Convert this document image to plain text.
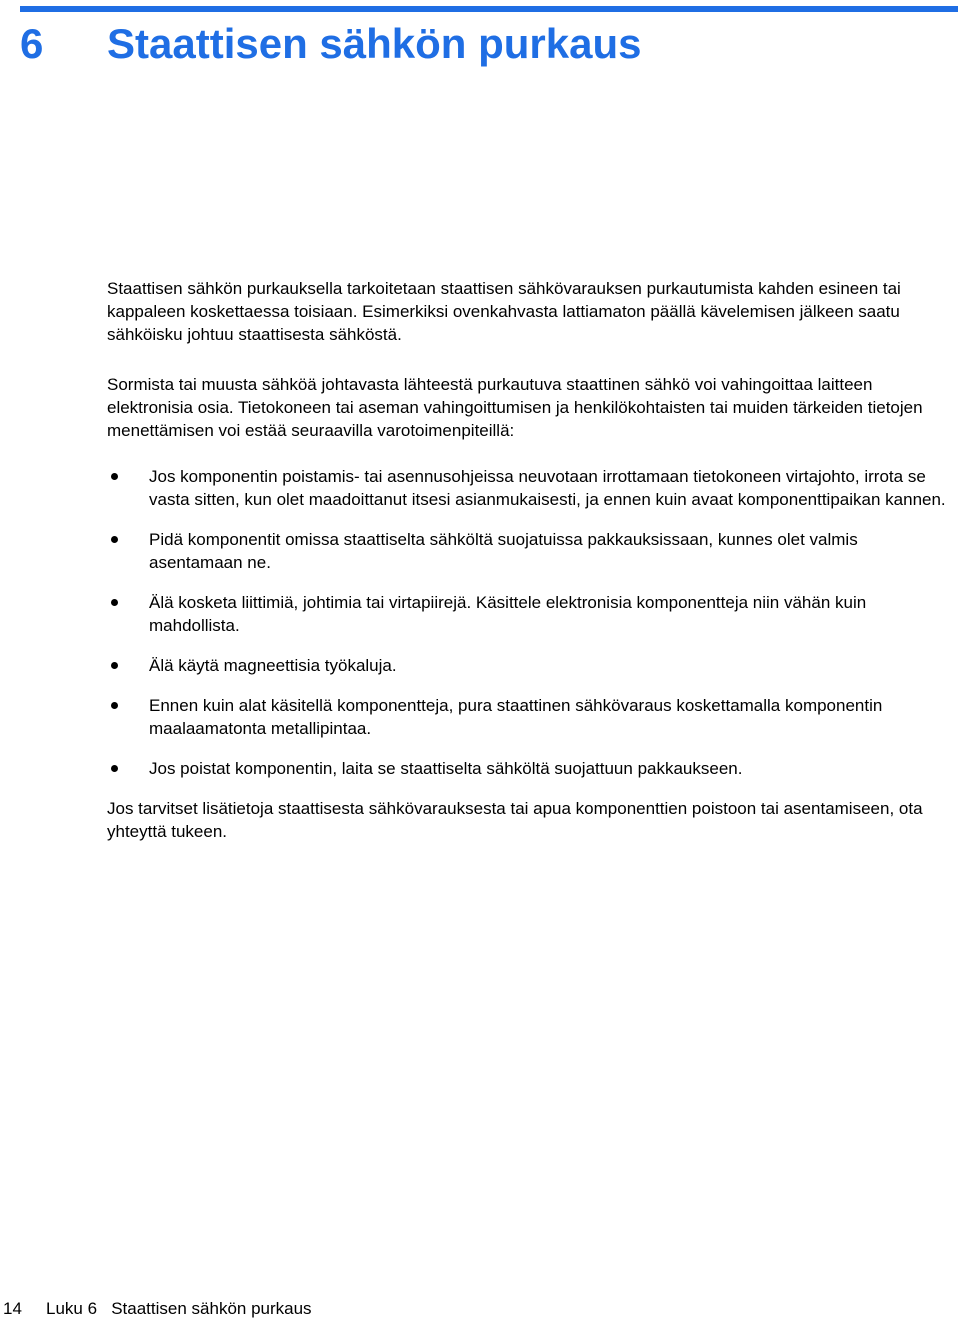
6 Staattisen sähkön purkaus

Staattisen sähkön purkauksella tarkoitetaan staattisen sähkövarauksen purkautumista kahden esineen tai kappaleen koskettaessa toisiaan. Esimerkiksi ovenkahvasta lattiamaton päällä kävelemisen jälkeen saatu sähköisku johtuu staattisesta sähköstä.

Sormista tai muusta sähköä johtavasta lähteestä purkautuva staattinen sähkö voi vahingoittaa laitteen elektronisia osia. Tietokoneen tai aseman vahingoittumisen ja henkilökohtaisten tai muiden tärkeiden tietojen menettämisen voi estää seuraavilla varotoimenpiteillä:

Jos komponentin poistamis- tai asennusohjeissa neuvotaan irrottamaan tietokoneen virtajohto, irrota se vasta sitten, kun olet maadoittanut itsesi asianmukaisesti, ja ennen kuin avaat komponenttipaikan kannen.
Pidä komponentit omissa staattiselta sähköltä suojatuissa pakkauksissaan, kunnes olet valmis asentamaan ne.
Älä kosketa liittimiä, johtimia tai virtapiirejä. Käsittele elektronisia komponentteja niin vähän kuin mahdollista.
Älä käytä magneettisia työkaluja.
Ennen kuin alat käsitellä komponentteja, pura staattinen sähkövaraus koskettamalla komponentin maalaamatonta metallipintaa.
Jos poistat komponentin, laita se staattiselta sähköltä suojattuun pakkaukseen.

Jos tarvitset lisätietoja staattisesta sähkövarauksesta tai apua komponenttien poistoon tai asentamiseen, ota yhteyttä tukeen.

14 Luku 6   Staattisen sähkön purkaus
